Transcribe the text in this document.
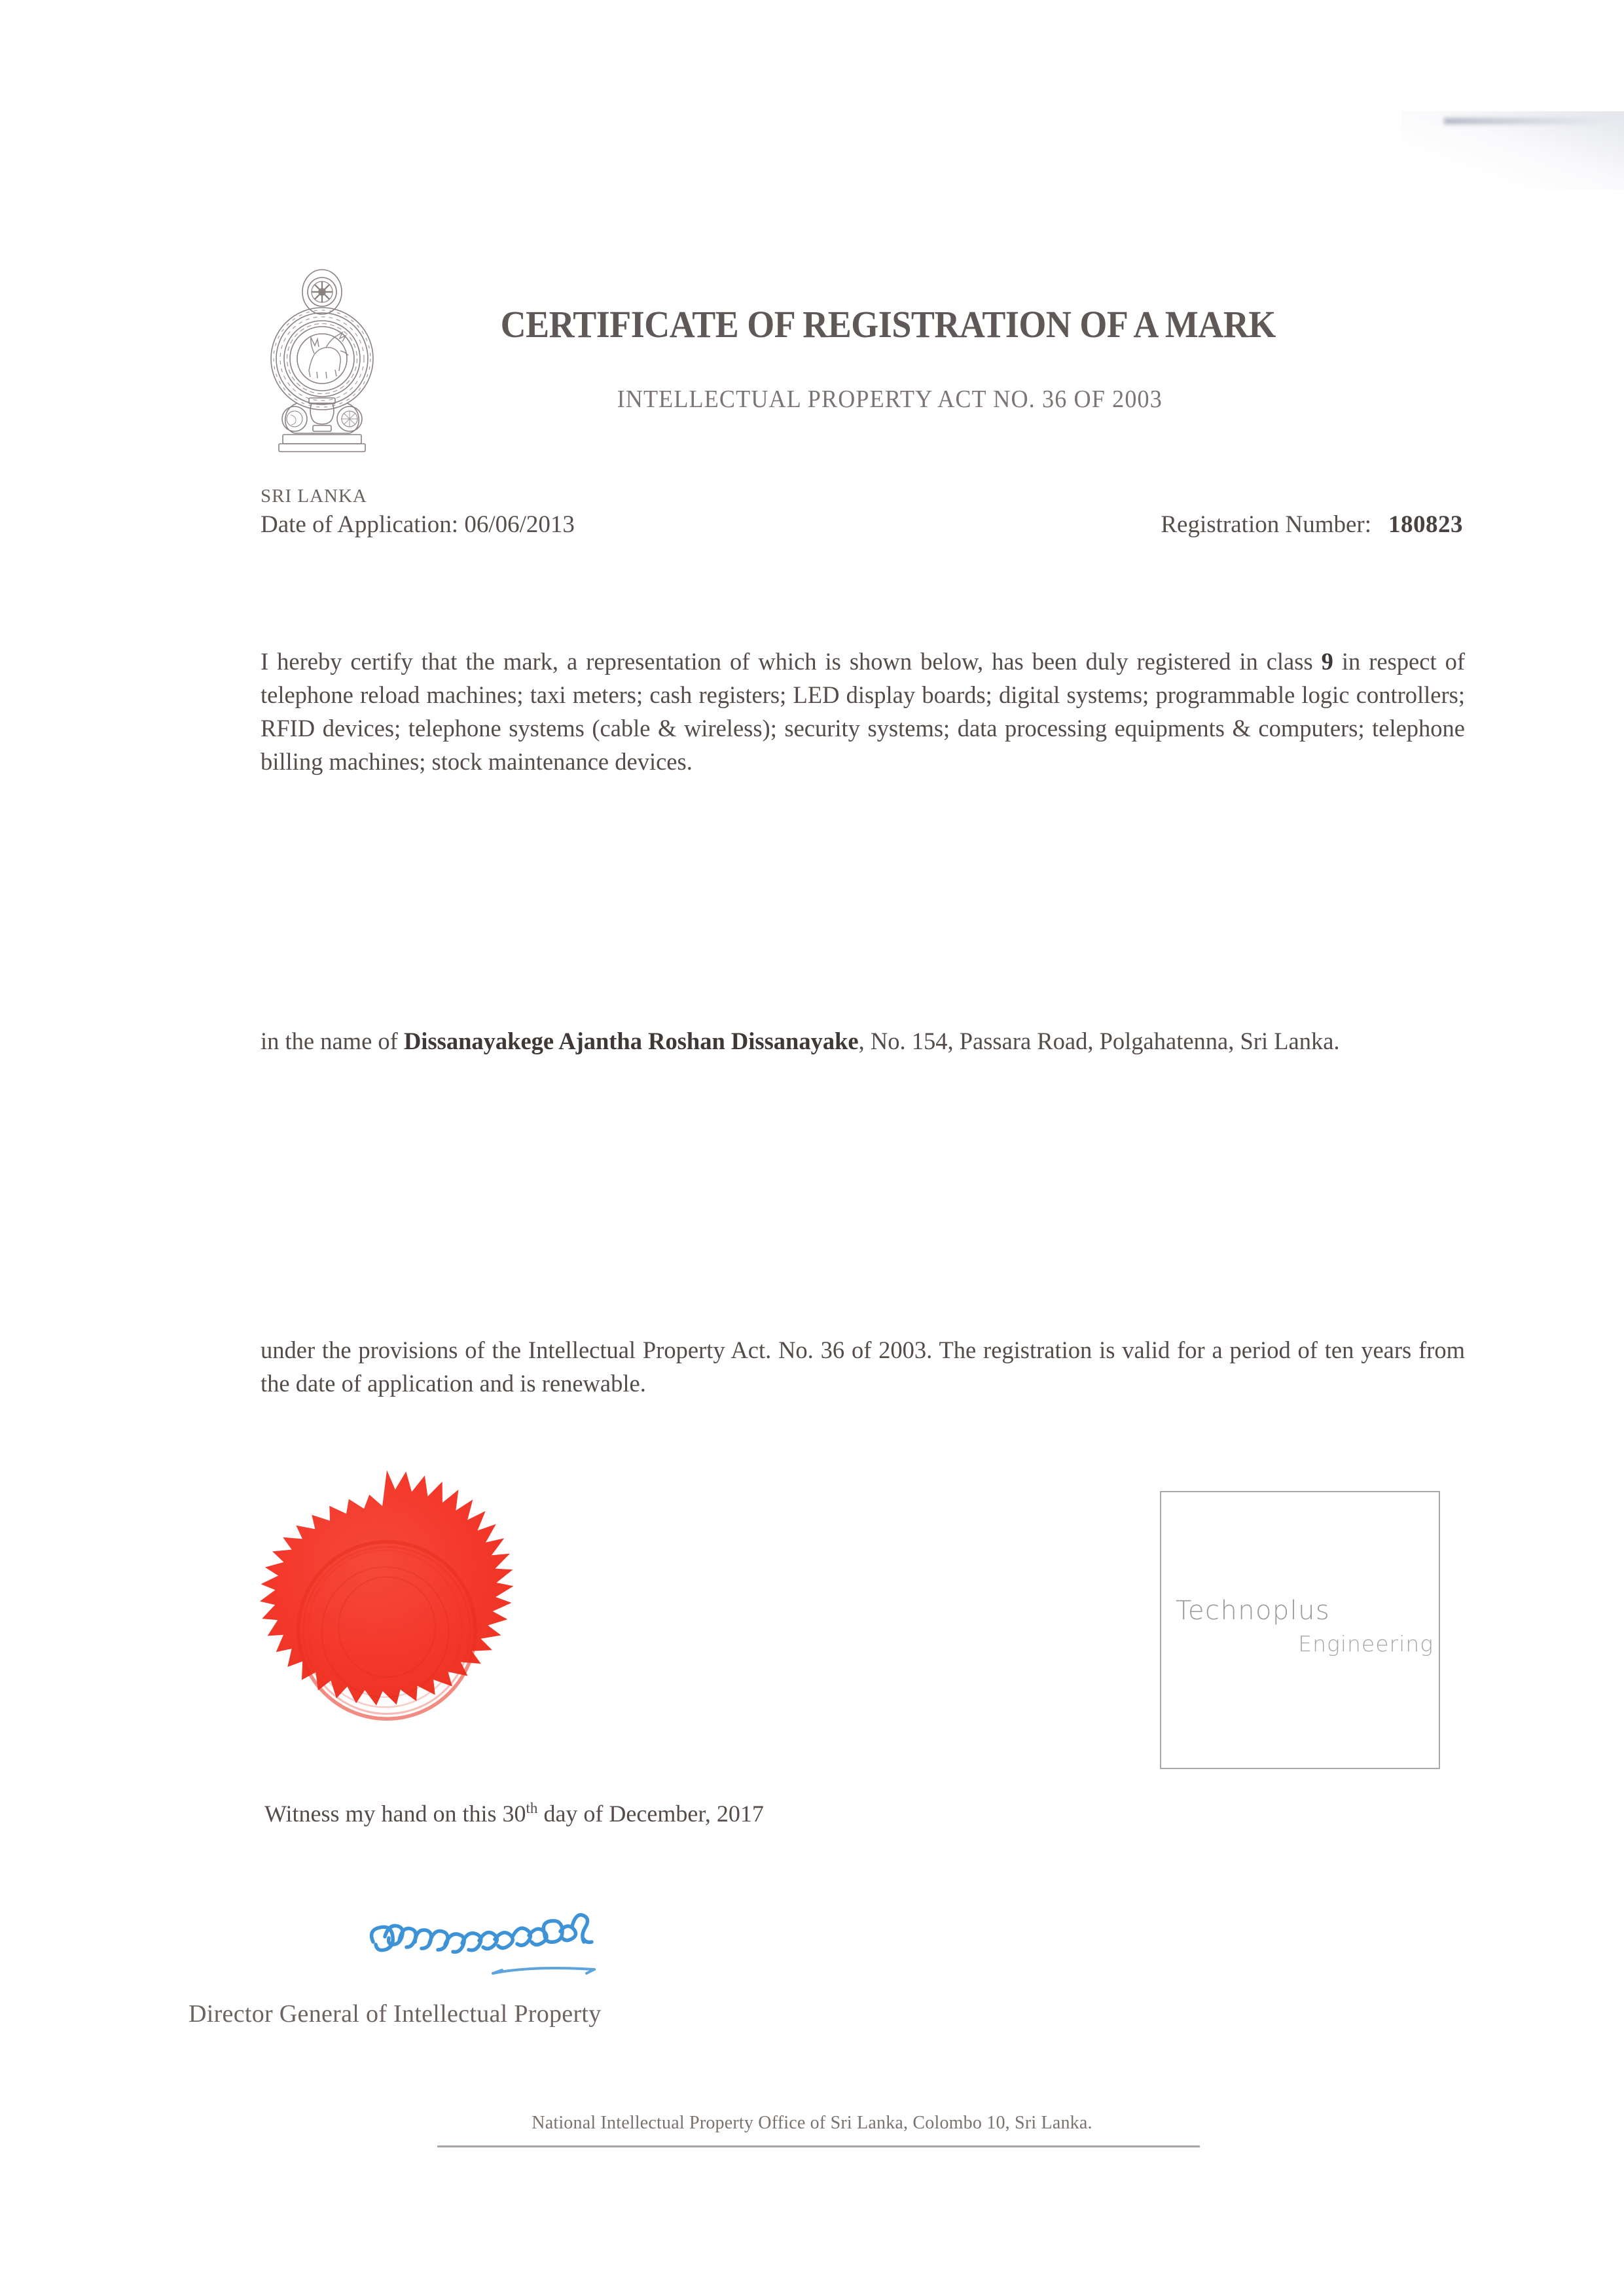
SRI LANKA
CERTIFICATE OF REGISTRATION OF A MARK
INTELLECTUAL PROPERTY ACT NO. 36 OF 2003
Date of Application: 06/06/2013	Registration Number: 180823

I hereby certify that the mark, a representation of which is shown below, has been duly registered in class 9 in respect of telephone reload machines; taxi meters; cash registers; LED display boards; digital systems; programmable logic controllers; RFID devices; telephone systems (cable & wireless); security systems; data processing equipments & computers; telephone billing machines; stock maintenance devices.

in the name of Dissanayakege Ajantha Roshan Dissanayake, No. 154, Passara Road, Polgahatenna, Sri Lanka.

under the provisions of the Intellectual Property Act. No. 36 of 2003. The registration is valid for a period of ten years from the date of application and is renewable.

Technoplus
Engineering
Witness my hand on this 30th day of December, 2017
Director General of Intellectual Property
National Intellectual Property Office of Sri Lanka, Colombo 10, Sri Lanka.
